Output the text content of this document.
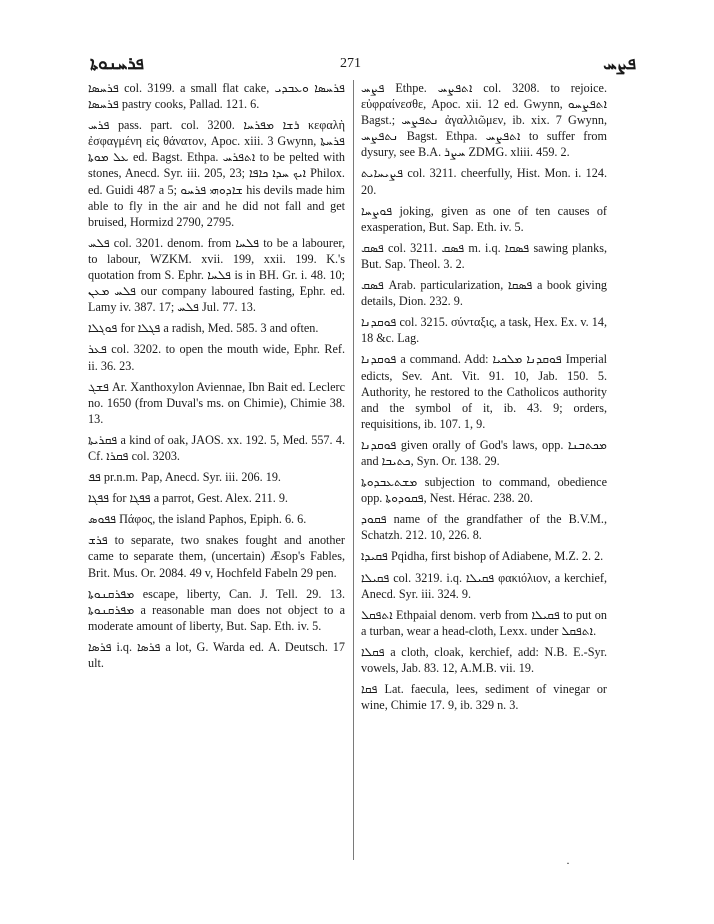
ܦܪܚܢܘܬܐ	271	ܦܨܚ

ܦܪܚܣܐ col. 3199. a small flat cake, ܦܪܚܣܐ ܘܥܒܕܝ ܦܪܚܣܐ pastry cooks, Pallad. 121. 6.

ܦܪܚ pass. part. col. 3200. ܪܫܐ ܡܦܪܚܐ κεφαλὴ ἐσφαγμένη εἰς θάνατον, Apoc. xiii. 3 Gwynn, ܦܪܚܬܐ ܥܠ ܡܘܬܐ ed. Bagst. Ethpa. ܐܬܦܪܚ to be pelted with stones, Anecd. Syr. iii. 205, 23; ܐܝܟ ܚܕܐ ܟܐܦܐ Philox. ed. Guidi 487 a 5; ܫܐܕܘܗܝ ܦܪܚܘ his devils made him able to fly in the air and he did not fall and get bruised, Hormizd 2790, 2795.

ܦܠܚ col. 3201. denom. from ܦܠܚܐ to be a labourer, to labour, WZKM. xvii. 199, xxii. 199. K.'s quotation from S. Ephr. ܦܠܚܐ is in BH. Gr. i. 48. 10; ܦܠܚ ܡܥܢ our company laboured fasting, Ephr. ed. Lamy iv. 387. 17; ܦܠܚ Jul. 77. 13.

ܦܘܓܠܐ for ܦܓܠܐ a radish, Med. 585. 3 and often.

ܦܥܪ col. 3202. to open the mouth wide, Ephr. Ref. ii. 36. 23.

ܦܫܓ Ar. Xanthoxylon Aviennae, Ibn Bait ed. Leclerc no. 1650 (from Duval's ms. on Chimie), Chimie 38. 13.

ܦܩܪܝܬܐ a kind of oak, JAOS. xx. 192. 5, Med. 557. 4. Cf. ܦܩܪܐ col. 3203.

ܦܦ pr.n.m. Pap, Anecd. Syr. iii. 206. 19.

ܦܦܓܐ for ܦܦܓܐ a parrot, Gest. Alex. 211. 9.

ܦܦܘܣ Πάφος, the island Paphos, Epiph. 6. 6.

ܦܪܫ to separate, two snakes fought and another came to separate them, (uncertain) Æsop's Fables, Brit. Mus. Or. 2084. 49 v, Hochfeld Fabeln 29 pen.

ܡܦܪܩܢܘܬܐ escape, liberty, Can. J. Tell. 29. 13. ܡܦܪܩܢܘܬܐ a reasonable man does not object to a moderate amount of liberty, But. Sap. Eth. iv. 5.

ܦܪܣܐ i.q. ܦܪܣܐ a lot, G. Warda ed. A. Deutsch. 17 ult.

ܦܨܚ Ethpe. ܐܬܦܨܚ col. 3208. to rejoice. εὐφραίνεσθε, Apoc. xii. 12 ed. Gwynn, ܐܬܦܨܚܘ Bagst.; ܢܬܦܨܚ ἀγαλλιῶμεν, ib. xix. 7 Gwynn, ܢܬܦܨܚ Bagst. Ethpa. ܐܬܦܨܚ to suffer from dysury, see B.A. ܚܨܪ ZDMG. xliii. 459. 2.

ܦܨܝܚܐܝܬ col. 3211. cheerfully, Hist. Mon. i. 124. 20.

ܦܘܨܚܐ joking, given as one of ten causes of exasperation, But. Sap. Eth. iv. 5.

ܦܣܩ col. 3211. ܦܣܩ m. i.q. ܦܣܩܐ sawing planks, But. Sap. Theol. 3. 2.

ܦܣܩ Arab. particularization, ܦܣܩܐ a book giving details, Dion. 232. 9.

ܦܘܩܕܢܐ col. 3215. σύνταξις, a task, Hex. Ex. v. 14, 18 &c. Lag.

ܦܘܩܕܢܐ a command. Add: ܦܘܩܕܢܐ ܡܠܟܝܐ Imperial edicts, Sev. Ant. Vit. 91. 10, Jab. 150. 5. Authority, he restored to the Catholicos authority and the symbol of it, ib. 43. 9; orders, requisitions, ib. 107. 1, 9.

ܦܘܩܕܢܐ given orally of God's laws, opp. ܡܟܬܒܢܐ and ܟܬܝܒܐ, Syn. Or. 138. 29.

ܡܫܬܥܒܕܘܬܐ subjection to command, obedience opp. ܦܩܘܕܘܬܐ, Nest. Hérac. 238. 20.

ܦܩܘܕ name of the grandfather of the B.V.M., Schatzh. 212. 10, 226. 8.

ܦܩܝܕܐ Pqidha, first bishop of Adiabene, M.Z. 2. 2.

ܦܩܝܠܐ col. 3219. i.q. ܦܩܝܠܐ φακιόλιον, a kerchief, Anecd. Syr. iii. 324. 9.

ܐܬܦܩܠ Ethpaial denom. verb from ܦܩܝܠܐ to put on a turban, wear a head-cloth, Lexx. under ܐܬܦܩܠ.

ܦܩܠܐ a cloth, cloak, kerchief, add: N.B. E.-Syr. vowels, Jab. 83. 12, A.M.B. vii. 19.

ܦܩܐ Lat. faecula, lees, sediment of vinegar or wine, Chimie 17. 9, ib. 329 n. 3.

·
